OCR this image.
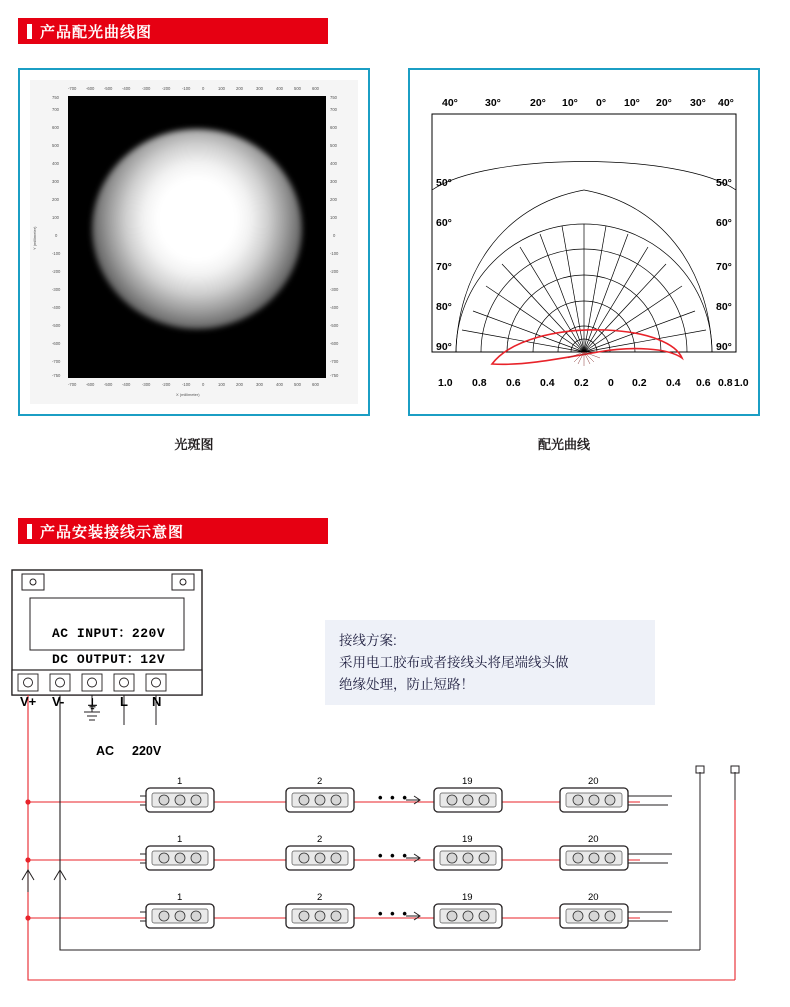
产品配光曲线图
-700 -600 -500 -400	-300	-200	-100	0	100	200	300	400	500	600
-700 -600 -500 -400	-300	-200	-100	0	100	200	300	400	500	600
750
700
600
500
400
300
200
100
0
-100
-200
-300
-400
-500
-600
-700
-750
750
700
600
500
400
300
200
100
0
-100
-200
-300
-400
-500
-600
-700
-750
X (millimeter)
Y (millimeter)
光斑图
40°	30°	20° 10° 0° 10° 20° 30° 40°
50°	50°
60°	60°
70°	70°
80°	80°
90°	90°
1.0 0.8 0.6 0.4 0.2 0 0.2 0.4 0.6 0.8 1.0
配光曲线
产品安装接线示意图
AC INPUT：220V
DC OUTPUT：12V
V+ V- ⏚ L N
AC 220V
接线方案:
采用电工胶布或者接线头将尾端线头做
绝缘处理，防止短路！
1	2	19	20
• • •
1	2	19	20
• • •
1	2	19	20
• • •
